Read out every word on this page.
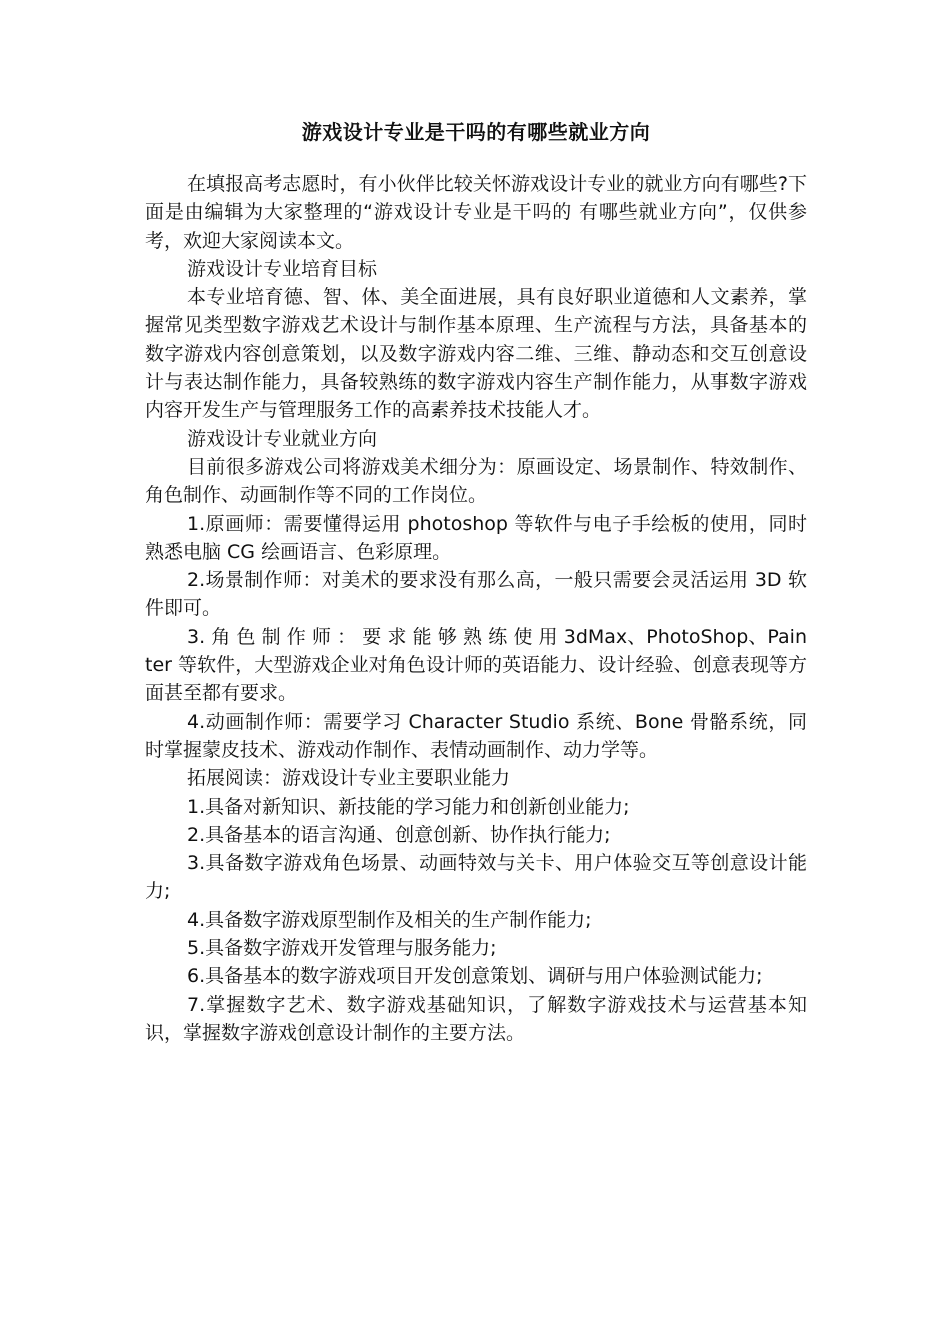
游戏设计专业是干吗的有哪些就业方向

在填报高考志愿时，有小伙伴比较关怀游戏设计专业的就业方向有哪些?下面是由编辑为大家整理的“游戏设计专业是干吗的 有哪些就业方向”，仅供参考，欢迎大家阅读本文。

游戏设计专业培育目标

本专业培育德、智、体、美全面进展，具有良好职业道德和人文素养，掌握常见类型数字游戏艺术设计与制作基本原理、生产流程与方法，具备基本的数字游戏内容创意策划，以及数字游戏内容二维、三维、静动态和交互创意设计与表达制作能力，具备较熟练的数字游戏内容生产制作能力，从事数字游戏内容开发生产与管理服务工作的高素养技术技能人才。

游戏设计专业就业方向

目前很多游戏公司将游戏美术细分为：原画设定、场景制作、特效制作、角色制作、动画制作等不同的工作岗位。

1.原画师：需要懂得运用 photoshop 等软件与电子手绘板的使用，同时熟悉电脑 CG 绘画语言、色彩原理。

2.场景制作师：对美术的要求没有那么高，一般只需要会灵活运用 3D 软件即可。

3. 角 色 制 作 师 ： 要 求 能 够 熟 练 使 用 3dMax、PhotoShop、Painter 等软件，大型游戏企业对角色设计师的英语能力、设计经验、创意表现等方面甚至都有要求。

4.动画制作师：需要学习 Character Studio 系统、Bone 骨骼系统，同时掌握蒙皮技术、游戏动作制作、表情动画制作、动力学等。

拓展阅读：游戏设计专业主要职业能力

1.具备对新知识、新技能的学习能力和创新创业能力;

2.具备基本的语言沟通、创意创新、协作执行能力;

3.具备数字游戏角色场景、动画特效与关卡、用户体验交互等创意设计能力;

4.具备数字游戏原型制作及相关的生产制作能力;

5.具备数字游戏开发管理与服务能力;

6.具备基本的数字游戏项目开发创意策划、调研与用户体验测试能力;

7.掌握数字艺术、数字游戏基础知识，了解数字游戏技术与运营基本知识，掌握数字游戏创意设计制作的主要方法。
